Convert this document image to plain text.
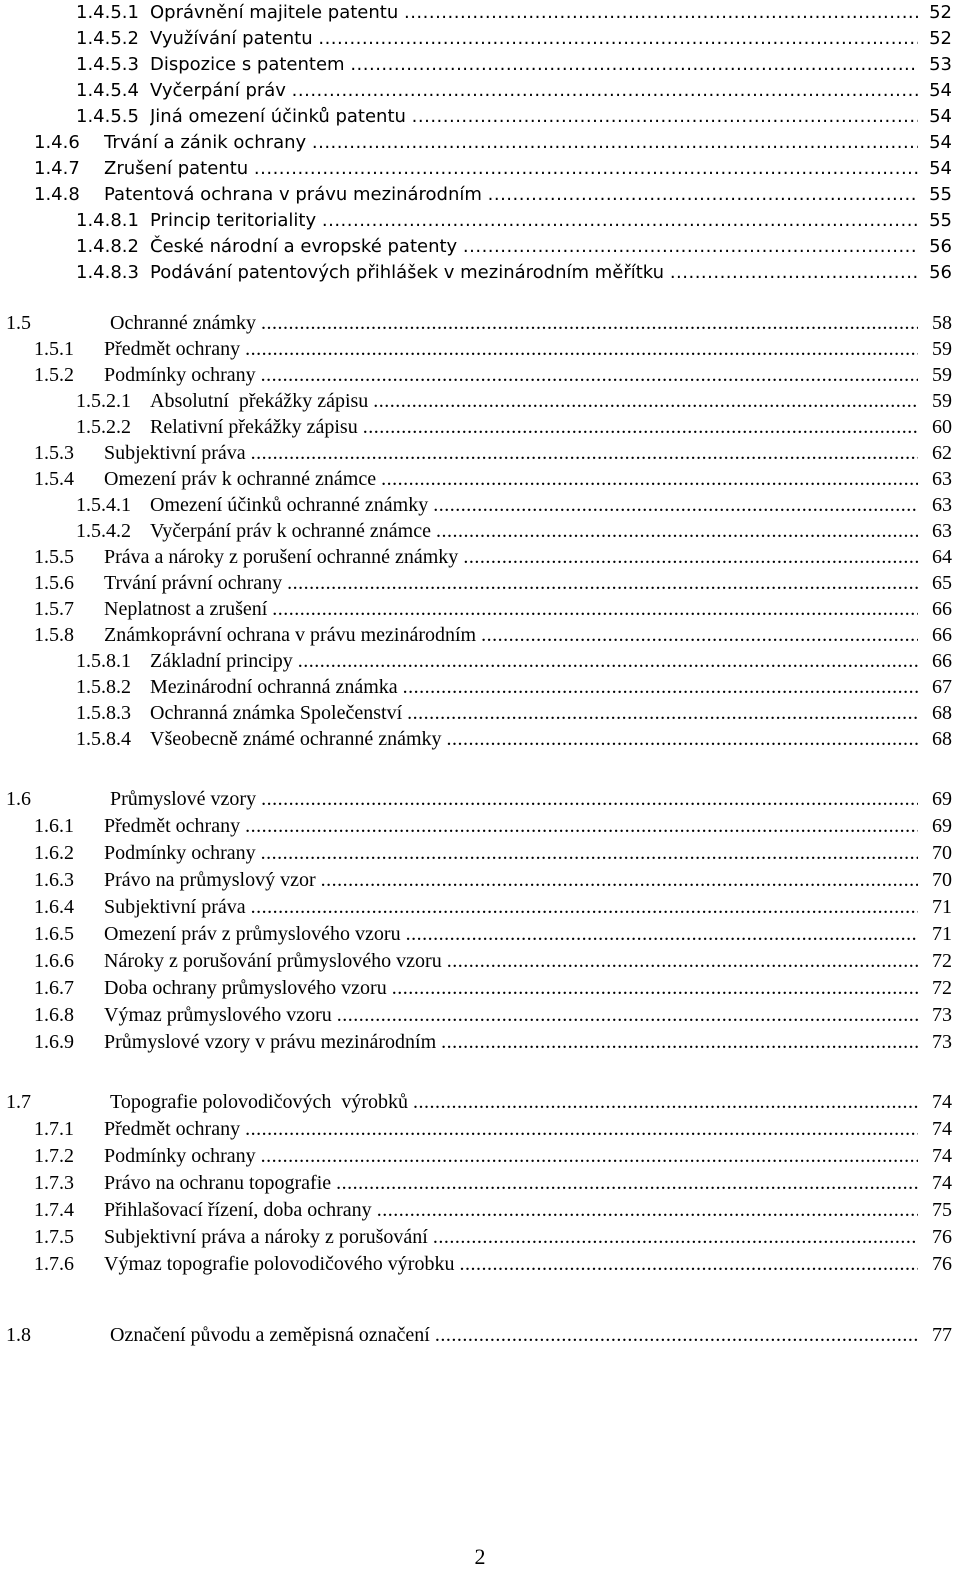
1.4.5.1 Oprávnění majitele patentu .....	52
1.4.5.2 Využívání patentu .....	52
1.4.5.3 Dispozice s patentem .....	53
1.4.5.4 Vyčerpání práv .....	54
1.4.5.5 Jiná omezení účinků patentu .....	54
1.4.6 Trvání a zánik ochrany .....	54
1.4.7 Zrušení patentu .....	54
1.4.8 Patentová ochrana v právu mezinárodním .....	55
1.4.8.1 Princip teritoriality .....	55
1.4.8.2 České národní a evropské patenty .....	56
1.4.8.3 Podávání patentových přihlášek v mezinárodním měřítku .....	56
1.5	Ochranné známky .....	58
1.5.1 Předmět ochrany .....	59
1.5.2 Podmínky ochrany .....	59
1.5.2.1 Absolutní  překážky zápisu .....	59
1.5.2.2 Relativní překážky zápisu .....	60
1.5.3 Subjektivní práva .....	62
1.5.4 Omezení práv k ochranné známce .....	63
1.5.4.1 Omezení účinků ochranné známky .....	63
1.5.4.2 Vyčerpání práv k ochranné známce .....	63
1.5.5 Práva a nároky z porušení ochranné známky .....	64
1.5.6 Trvání právní ochrany .....	65
1.5.7 Neplatnost a zrušení .....	66
1.5.8 Známkoprávní ochrana v právu mezinárodním .....	66
1.5.8.1 Základní principy .....	66
1.5.8.2 Mezinárodní ochranná známka .....	67
1.5.8.3 Ochranná známka Společenství .....	68
1.5.8.4 Všeobecně známé ochranné známky .....	68
1.6	Průmyslové vzory .....	69
1.6.1 Předmět ochrany .....	69
1.6.2 Podmínky ochrany .....	70
1.6.3 Právo na průmyslový vzor .....	70
1.6.4 Subjektivní práva .....	71
1.6.5 Omezení práv z průmyslového vzoru .....	71
1.6.6 Nároky z porušování průmyslového vzoru .....	72
1.6.7 Doba ochrany průmyslového vzoru .....	72
1.6.8 Výmaz průmyslového vzoru .....	73
1.6.9 Průmyslové vzory v právu mezinárodním .....	73
1.7	Topografie polovodičových  výrobků .....	74
1.7.1 Předmět ochrany .....	74
1.7.2 Podmínky ochrany .....	74
1.7.3 Právo na ochranu topografie .....	74
1.7.4 Přihlašovací řízení, doba ochrany .....	75
1.7.5 Subjektivní práva a nároky z porušování .....	76
1.7.6 Výmaz topografie polovodičového výrobku .....	76
1.8	Označení původu a zeměpisná označení .....	77
2
